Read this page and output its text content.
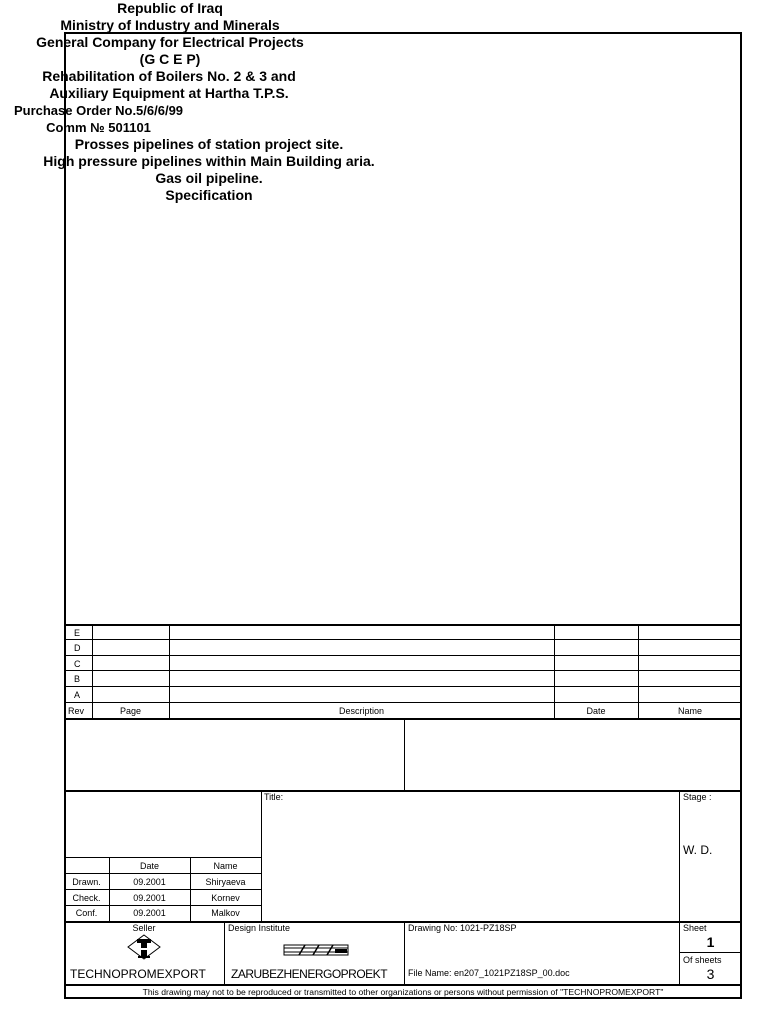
E
D
C
B
A
Rev	Page	Description	Date	Name
Republic of Iraq
Ministry of Industry and Minerals
General Company for Electrical Projects
(G C E P)
Rehabilitation of Boilers No. 2 & 3 and
Auxiliary Equipment at Hartha T.P.S.
Purchase Order No.5/6/6/99
Comm № 501101
Title:
Prosses pipelines of station project site.
High pressure pipelines within Main Building aria.
Gas oil pipeline.
Specification
Stage :
W. D.
Date	Name
Drawn.	09.2001	Shiryaeva
Check.	09.2001	Kornev
Conf.	09.2001	Malkov
Seller
TECHNOPROMEXPORT
Design Institute
ZARUBEZHENERGOPROEKT
Drawing No: 1021-PZ18SP
File Name: en207_1021PZ18SP_00.doc
Sheet
1
Of sheets
3
This drawing may not to be reproduced or transmitted to other organizations or persons without permission of "TECHNOPROMEXPORT"
